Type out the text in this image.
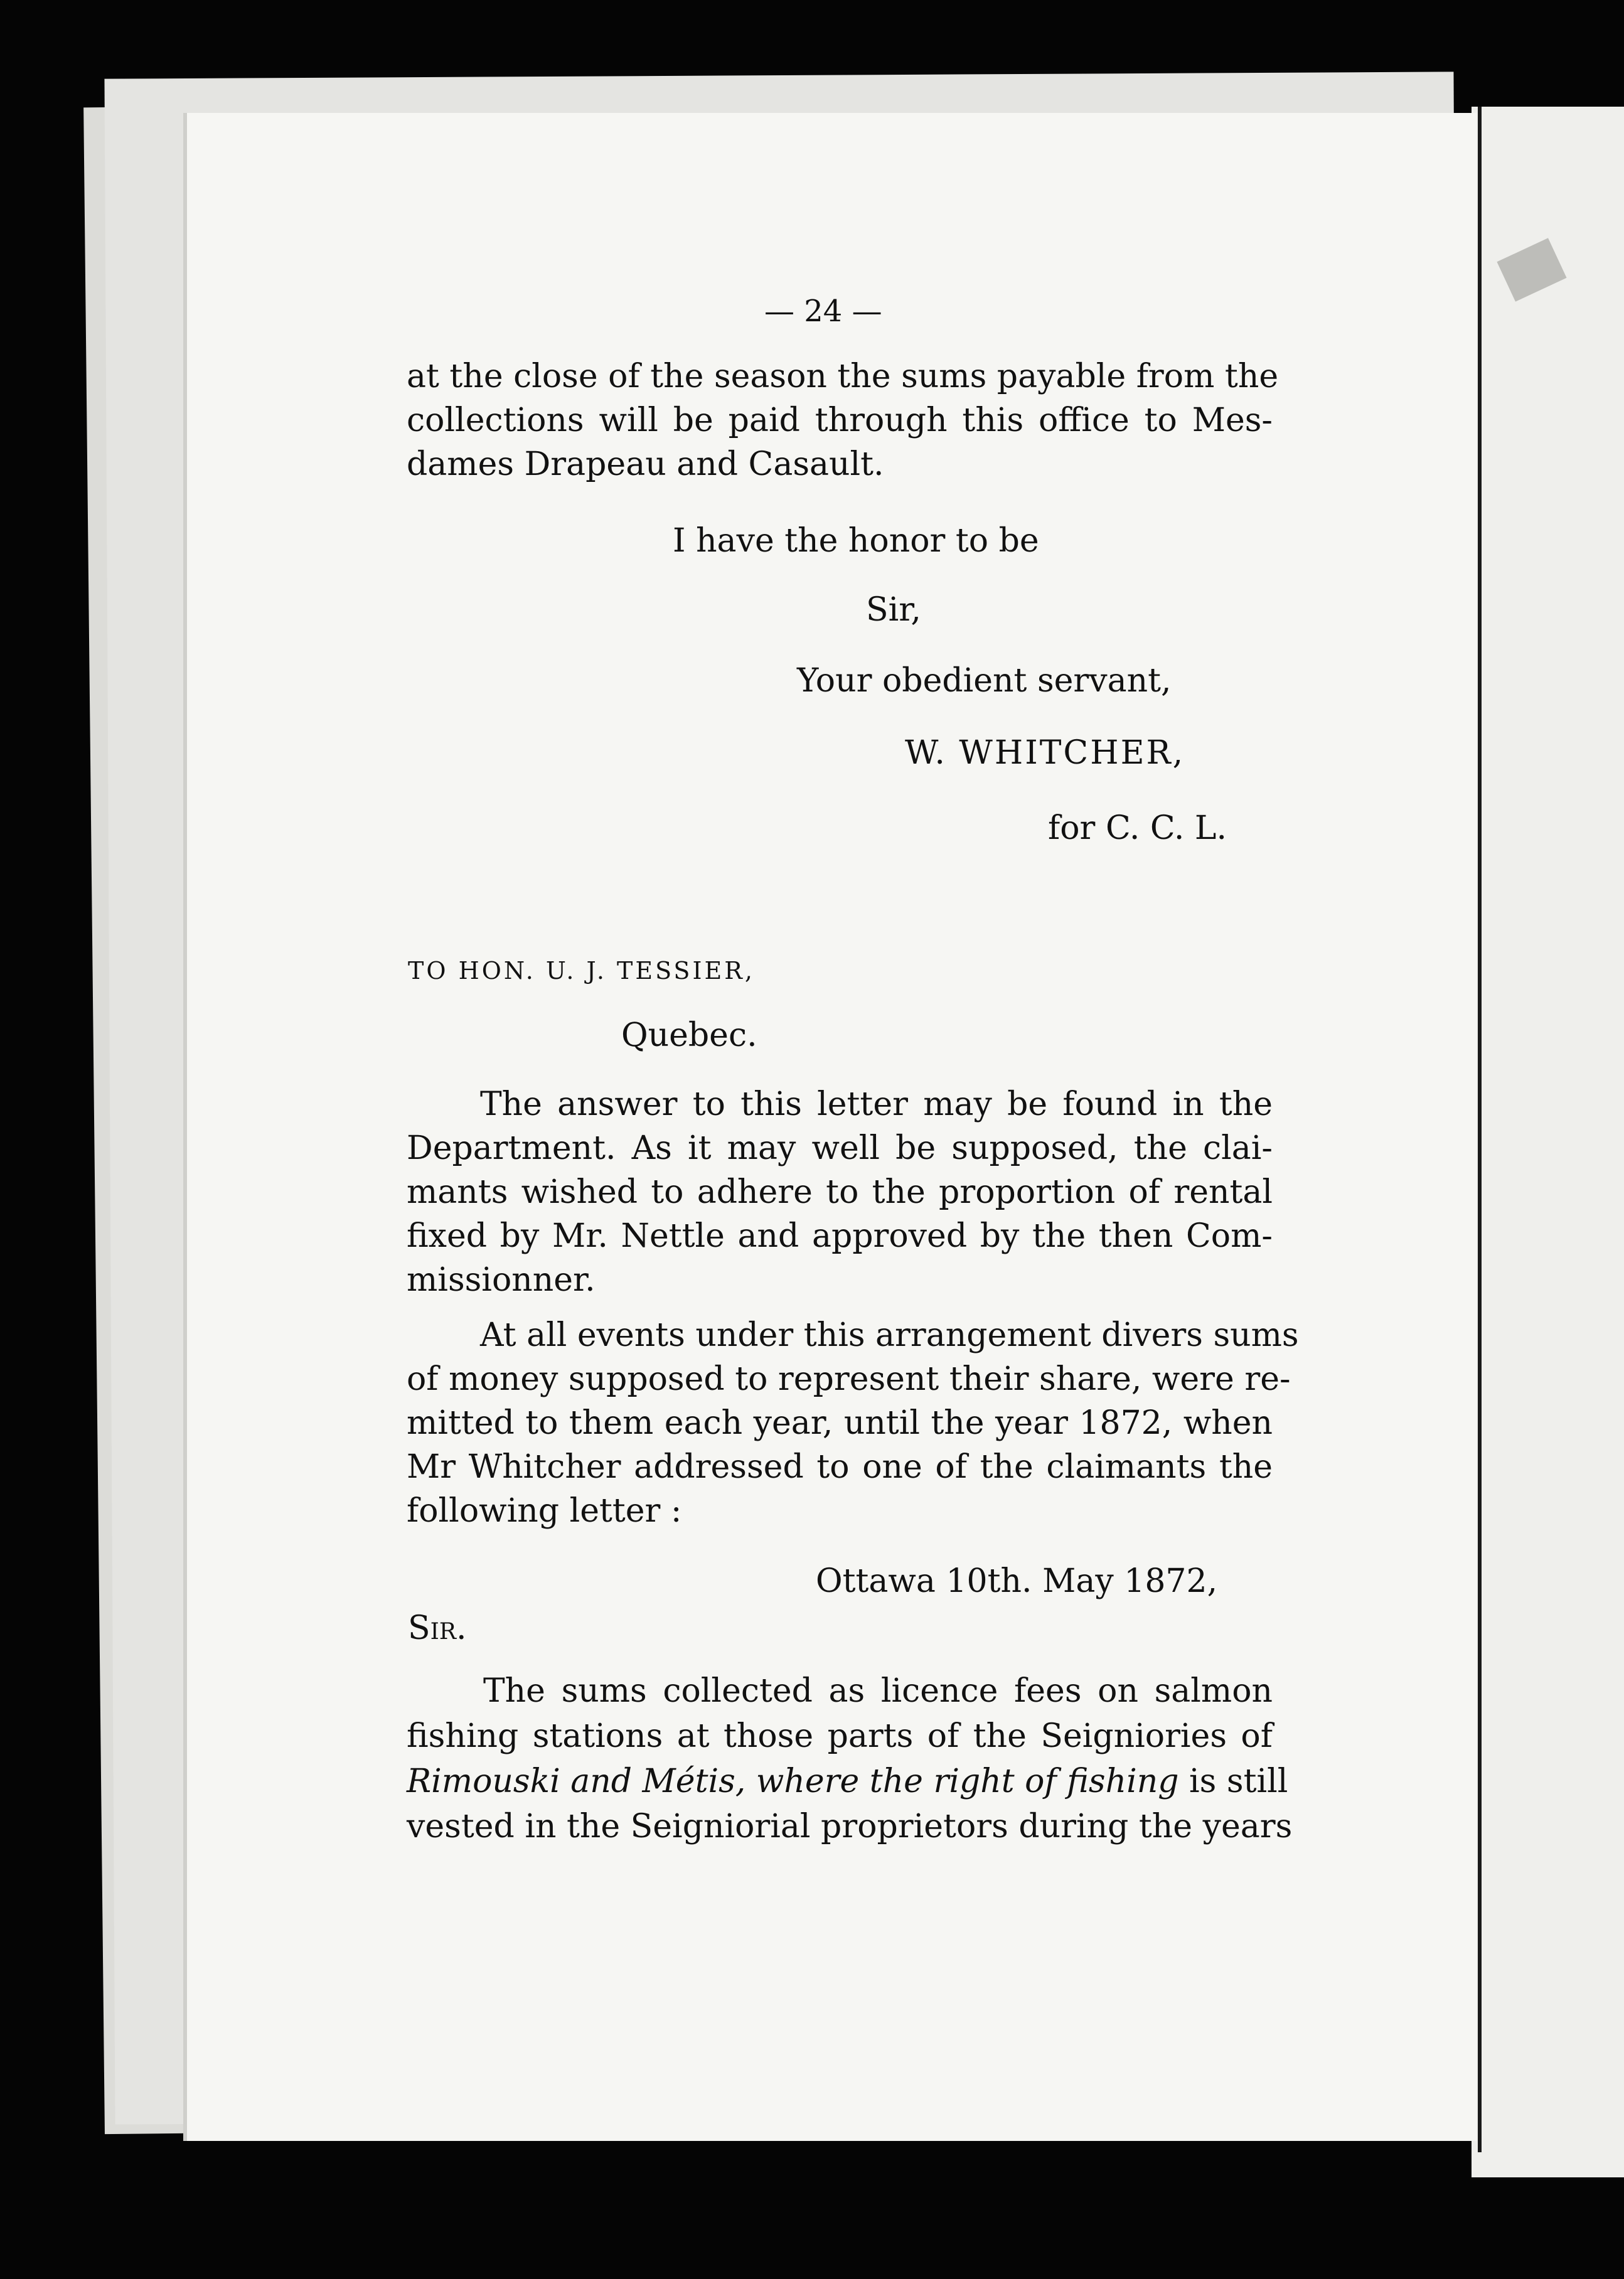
— 24 —
at the close of the season the sums payable from the
collections will be paid through this office to Mes-
dames Drapeau and Casault.
I have the honor to be
Sir,
Your obedient servant,
W. WHITCHER,
for C. C. L.
TO HON. U. J. TESSIER,
Quebec.
The answer to this letter may be found in the
Department. As it may well be supposed, the clai-
mants wished to adhere to the proportion of rental
fixed by Mr. Nettle and approved by the then Com-
missionner.
At all events under this arrangement divers sums
of money supposed to represent their share, were re-
mitted to them each year, until the year 1872, when
Mr Whitcher addressed to one of the claimants the
following letter :
Ottawa 10th. May 1872,
Sir.
The sums collected as licence fees on salmon
fishing stations at those parts of the Seigniories of
Rimouski and Métis, where the right of fishing is still
vested in the Seigniorial proprietors during the years
